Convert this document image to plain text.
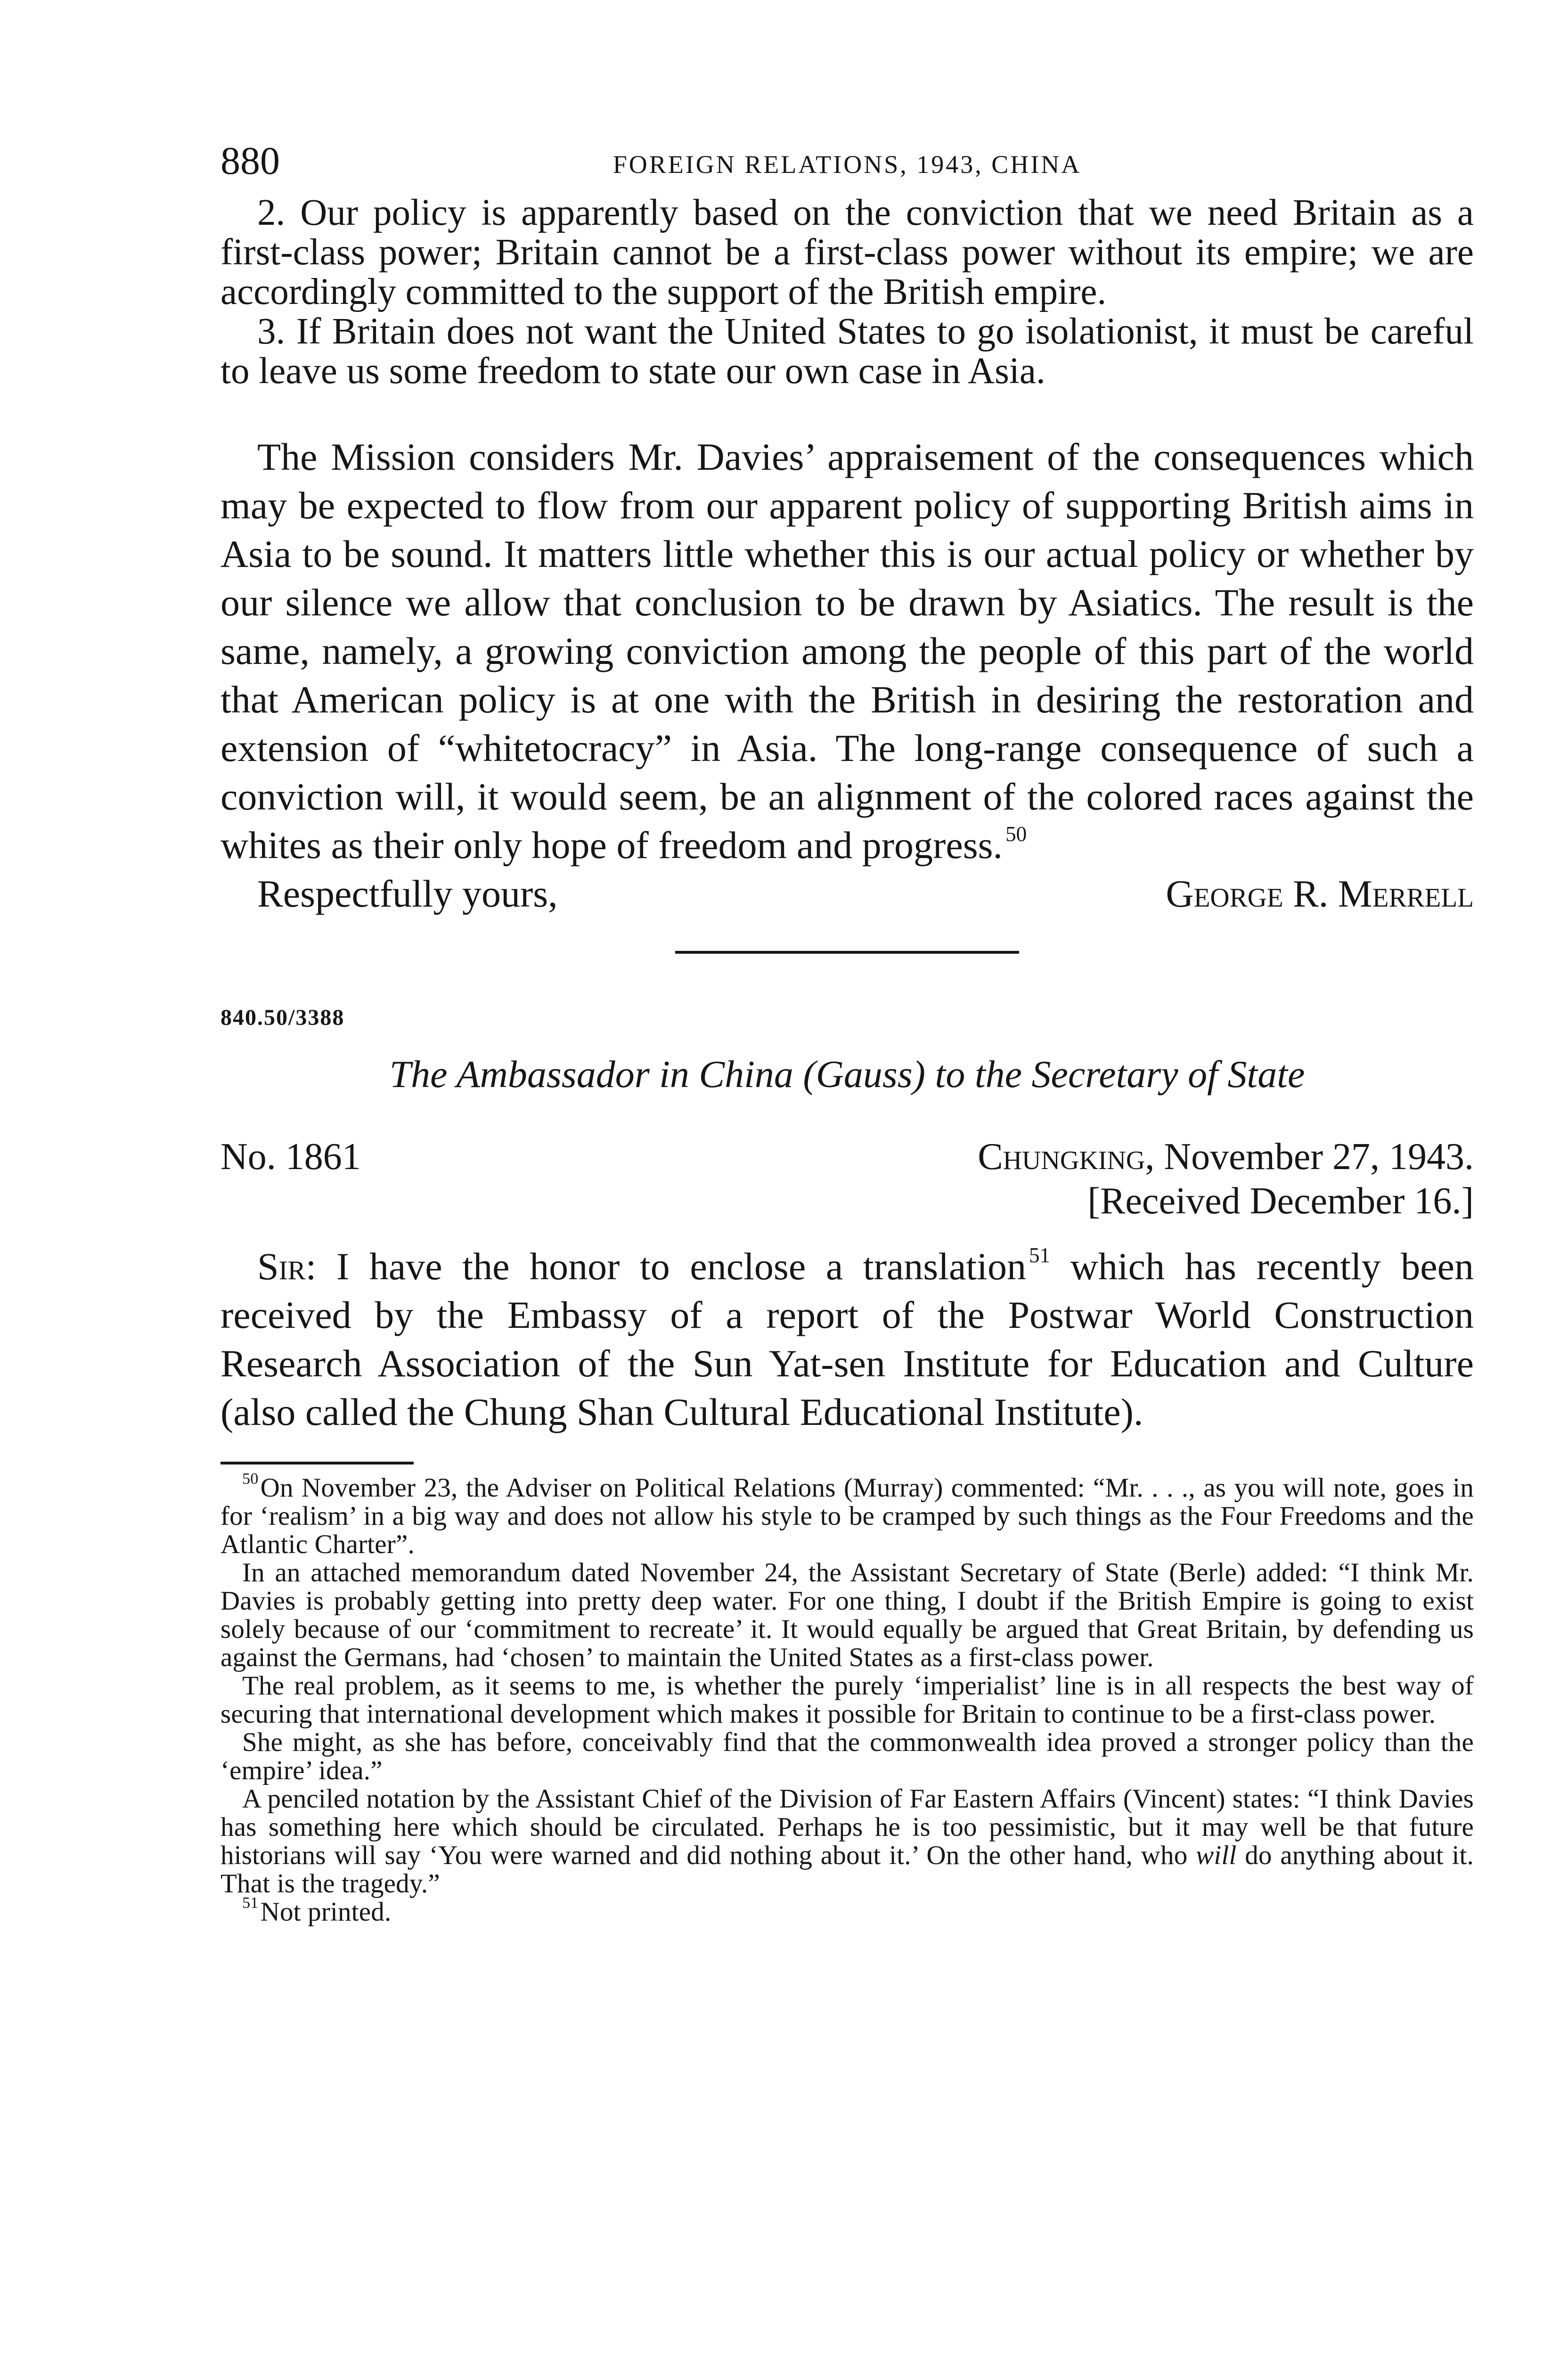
880	FOREIGN RELATIONS, 1943, CHINA

2. Our policy is apparently based on the conviction that we need Britain as a first-class power; Britain cannot be a first-class power without its empire; we are accordingly committed to the support of the British empire.

3. If Britain does not want the United States to go isolationist, it must be careful to leave us some freedom to state our own case in Asia.

The Mission considers Mr. Davies’ appraisement of the consequences which may be expected to flow from our apparent policy of supporting British aims in Asia to be sound. It matters little whether this is our actual policy or whether by our silence we allow that conclusion to be drawn by Asiatics. The result is the same, namely, a growing conviction among the people of this part of the world that American policy is at one with the British in desiring the restoration and extension of “whitetocracy” in Asia. The long-range consequence of such a conviction will, it would seem, be an alignment of the colored races against the whites as their only hope of freedom and progress. $^{50}$

Respectfully yours,	George R. Merrell
840.50/3388
The Ambassador in China (Gauss) to the Secretary of State
No. 1861	Chungking, November 27, 1943.
[Received December 16.]

Sir: I have the honor to enclose a translation $^{51}$ which has recently been received by the Embassy of a report of the Postwar World Construction Research Association of the Sun Yat-sen Institute for Education and Culture (also called the Chung Shan Cultural Educational Institute).

$^{50}$On November 23, the Adviser on Political Relations (Murray) commented: “Mr. . . ., as you will note, goes in for ‘realism’ in a big way and does not allow his style to be cramped by such things as the Four Freedoms and the Atlantic Charter”.

In an attached memorandum dated November 24, the Assistant Secretary of State (Berle) added: “I think Mr. Davies is probably getting into pretty deep water. For one thing, I doubt if the British Empire is going to exist solely because of our ‘commitment to recreate’ it. It would equally be argued that Great Britain, by defending us against the Germans, had ‘chosen’ to maintain the United States as a first-class power.

The real problem, as it seems to me, is whether the purely ‘imperialist’ line is in all respects the best way of securing that international development which makes it possible for Britain to continue to be a first-class power.

She might, as she has before, conceivably find that the commonwealth idea proved a stronger policy than the ‘empire’ idea.”

A penciled notation by the Assistant Chief of the Division of Far Eastern Affairs (Vincent) states: “I think Davies has something here which should be circulated. Perhaps he is too pessimistic, but it may well be that future historians will say ‘You were warned and did nothing about it.’ On the other hand, who will do anything about it. That is the tragedy.”

$^{51}$Not printed.
